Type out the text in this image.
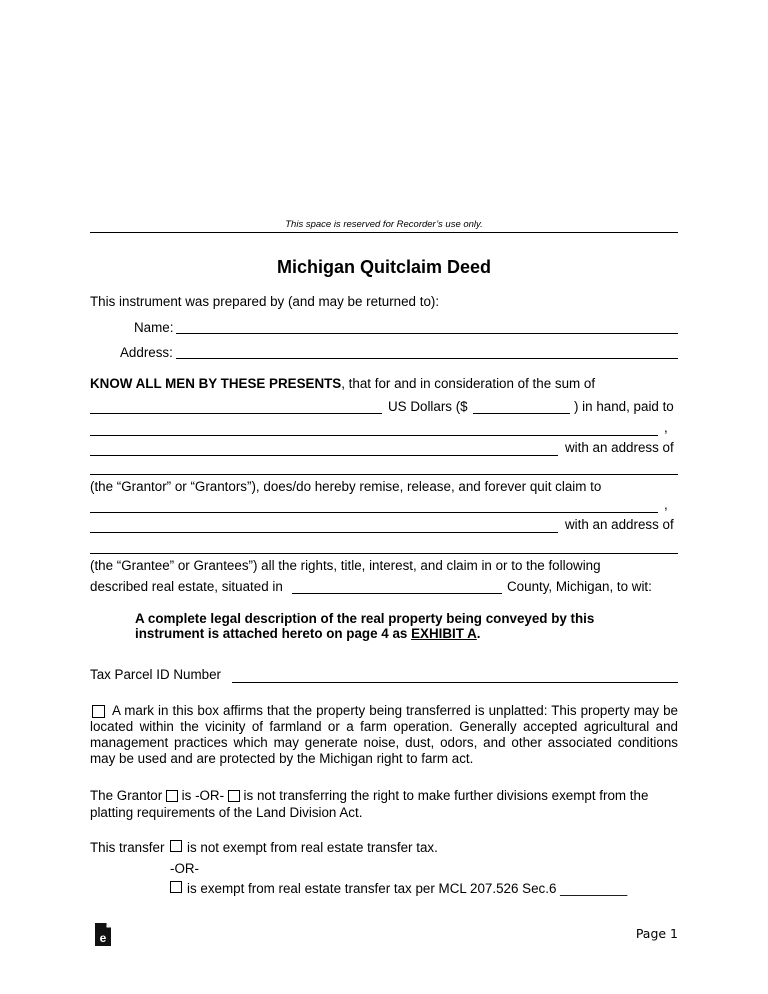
This space is reserved for Recorder’s use only.
Michigan Quitclaim Deed
This instrument was prepared by (and may be returned to):
Name:
Address:
KNOW ALL MEN BY THESE PRESENTS, that for and in consideration of the sum of
US Dollars ($	) in hand, paid to
,
with an address of
(the “Grantor” or “Grantors”), does/do hereby remise, release, and forever quit claim to
,
with an address of
(the “Grantee” or Grantees”) all the rights, title, interest, and claim in or to the following
described real estate, situated in	County, Michigan, to wit:
A complete legal description of the real property being conveyed by this
instrument is attached hereto on page 4 as EXHIBIT A.
Tax Parcel ID Number
A mark in this box affirms that the property being transferred is unplatted: This property may be located within the vicinity of farmland or a farm operation. Generally accepted agricultural and management practices which may generate noise, dust, odors, and other associated conditions may be used and are protected by the Michigan right to farm act.
The Grantor is -OR- is not transferring the right to make further divisions exempt from the
platting requirements of the Land Division Act.
This transfer is not exempt from real estate transfer tax.
-OR-
is exempt from real estate transfer tax per MCL 207.526 Sec.6 _________
e	Page 1
